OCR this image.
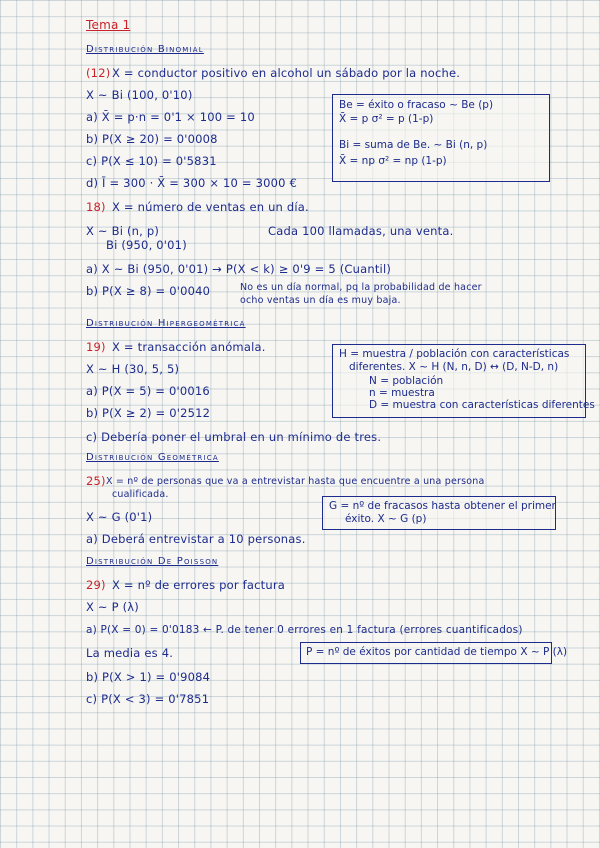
Tema 1
Distribución Binomial
(12) X = conductor positivo en alcohol un sábado por la noche.
X ~ Bi (100, 0'10)
a) X̄ = p·n = 0'1 × 100 = 10
b) P(X ≥ 20) = 0'0008
c) P(X ≤ 10) = 0'5831
d) Ī = 300 · X̄ = 300 × 10 = 3000 €
Be = éxito o fracaso ~ Be (p)
X̄ = p σ² = p (1-p)
Bi = suma de Be. ~ Bi (n, p)
X̄ = np σ² = np (1-p)
18) X = número de ventas en un día.
X ~ Bi (n, p)	Cada 100 llamadas, una venta.
Bi (950, 0'01)
a) X ~ Bi (950, 0'01) → P(X < k) ≥ 0'9 = 5 (Cuantil)
b) P(X ≥ 8) = 0'0040	No es un día normal, pq la probabilidad de hacer
ocho ventas un día es muy baja.
Distribución Hipergeométrica
19) X = transacción anómala.
X ~ H (30, 5, 5)
a) P(X = 5) = 0'0016
b) P(X ≥ 2) = 0'2512
c) Debería poner el umbral en un mínimo de tres.
H = muestra / población con características
diferentes. X ~ H (N, n, D) ↔ (D, N-D, n)
N = población
n = muestra
D = muestra con características diferentes
Distribución Geométrica
25) X = nº de personas que va a entrevistar hasta que encuentre a una persona
cualificada.
X ~ G (0'1)
a) Deberá entrevistar a 10 personas.
G = nº de fracasos hasta obtener el primer
éxito. X ~ G (p)
Distribución De Poisson
29) X = nº de errores por factura
X ~ P (λ)
a) P(X = 0) = 0'0183 ← P. de tener 0 errores en 1 factura (errores cuantificados)
La media es 4.	P = nº de éxitos por cantidad de tiempo X ~ P (λ)
b) P(X > 1) = 0'9084
c) P(X < 3) = 0'7851
